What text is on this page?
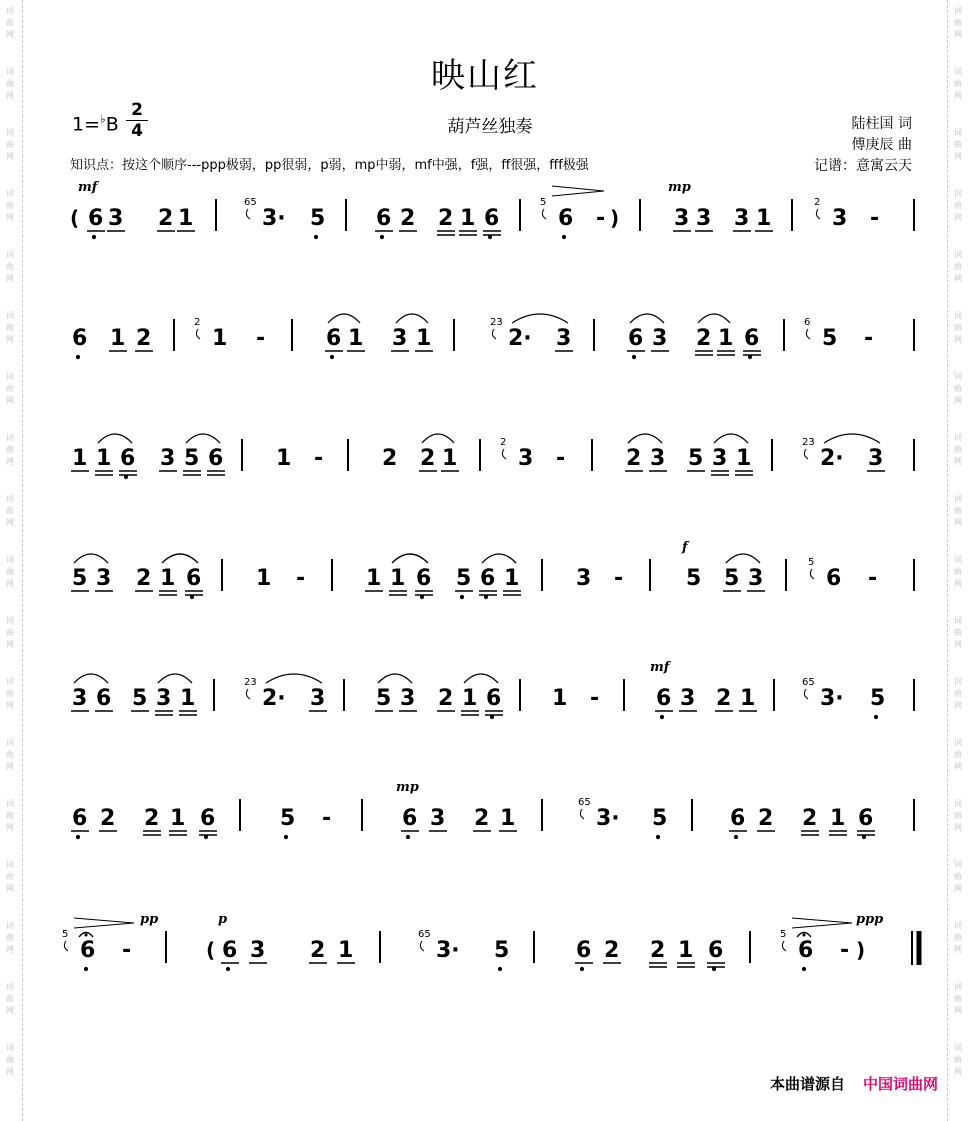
词
曲
网
词
曲
网
词
曲
网
词
曲
网
词
曲
网
词
曲
网
词
曲
网
词
曲
网
词
曲
网
词
曲
网
词
曲
网
词
曲
网
词
曲
网
词
曲
网
词
曲
网
词
曲
网
词
曲
网
词
曲
网
词
曲
网
词
曲
网
词
曲
网
词
曲
网
词
曲
网
词
曲
网
词
曲
网
词
曲
网
词
曲
网
词
曲
网
词
曲
网
词
曲
网
词
曲
网
词
曲
网
词
曲
网
词
曲
网
词
曲
网
词
曲
网
映山红
1=♭B
2
4	葫芦丝独奏	陆柱国 词
傅庚辰 曲
记谱：意寓云天
知识点：按这个顺序---ppp极弱，pp很弱，p弱，mp中弱，mf中强，f强，ff很强，fff极强
( 6 3 2 1	3·
65
5 6 2 2 1 6	6
5
- ) 3 3 3 1	3
2
-
mf	mp
6 1 2	1
2
-	6 1 3 1	2·
23
3	6 3 2 1 6	5
6
-
1 1 6 3 5 6 1 -	2 2 1	3
2
-	2 3 5 3 1	2·
23
3
5 3 2 1 6 1 -	1 1 6 5 6 1	3 -	5 5 3	6
5
-
f
3 6 5 3 1	2·
23
3 5 3 2 1 6 1 -	6 3 2 1	3·
65
5
mf
6 2 2 1 6	5 -	6 3 2 1	3·
65
5	6 2 2 1 6
mp
6
5
-	( 6 3 2 1	3·
65
5	6 2 2 1 6	6
5
- )
pp	p	ppp
本曲谱源自 中国词曲网
